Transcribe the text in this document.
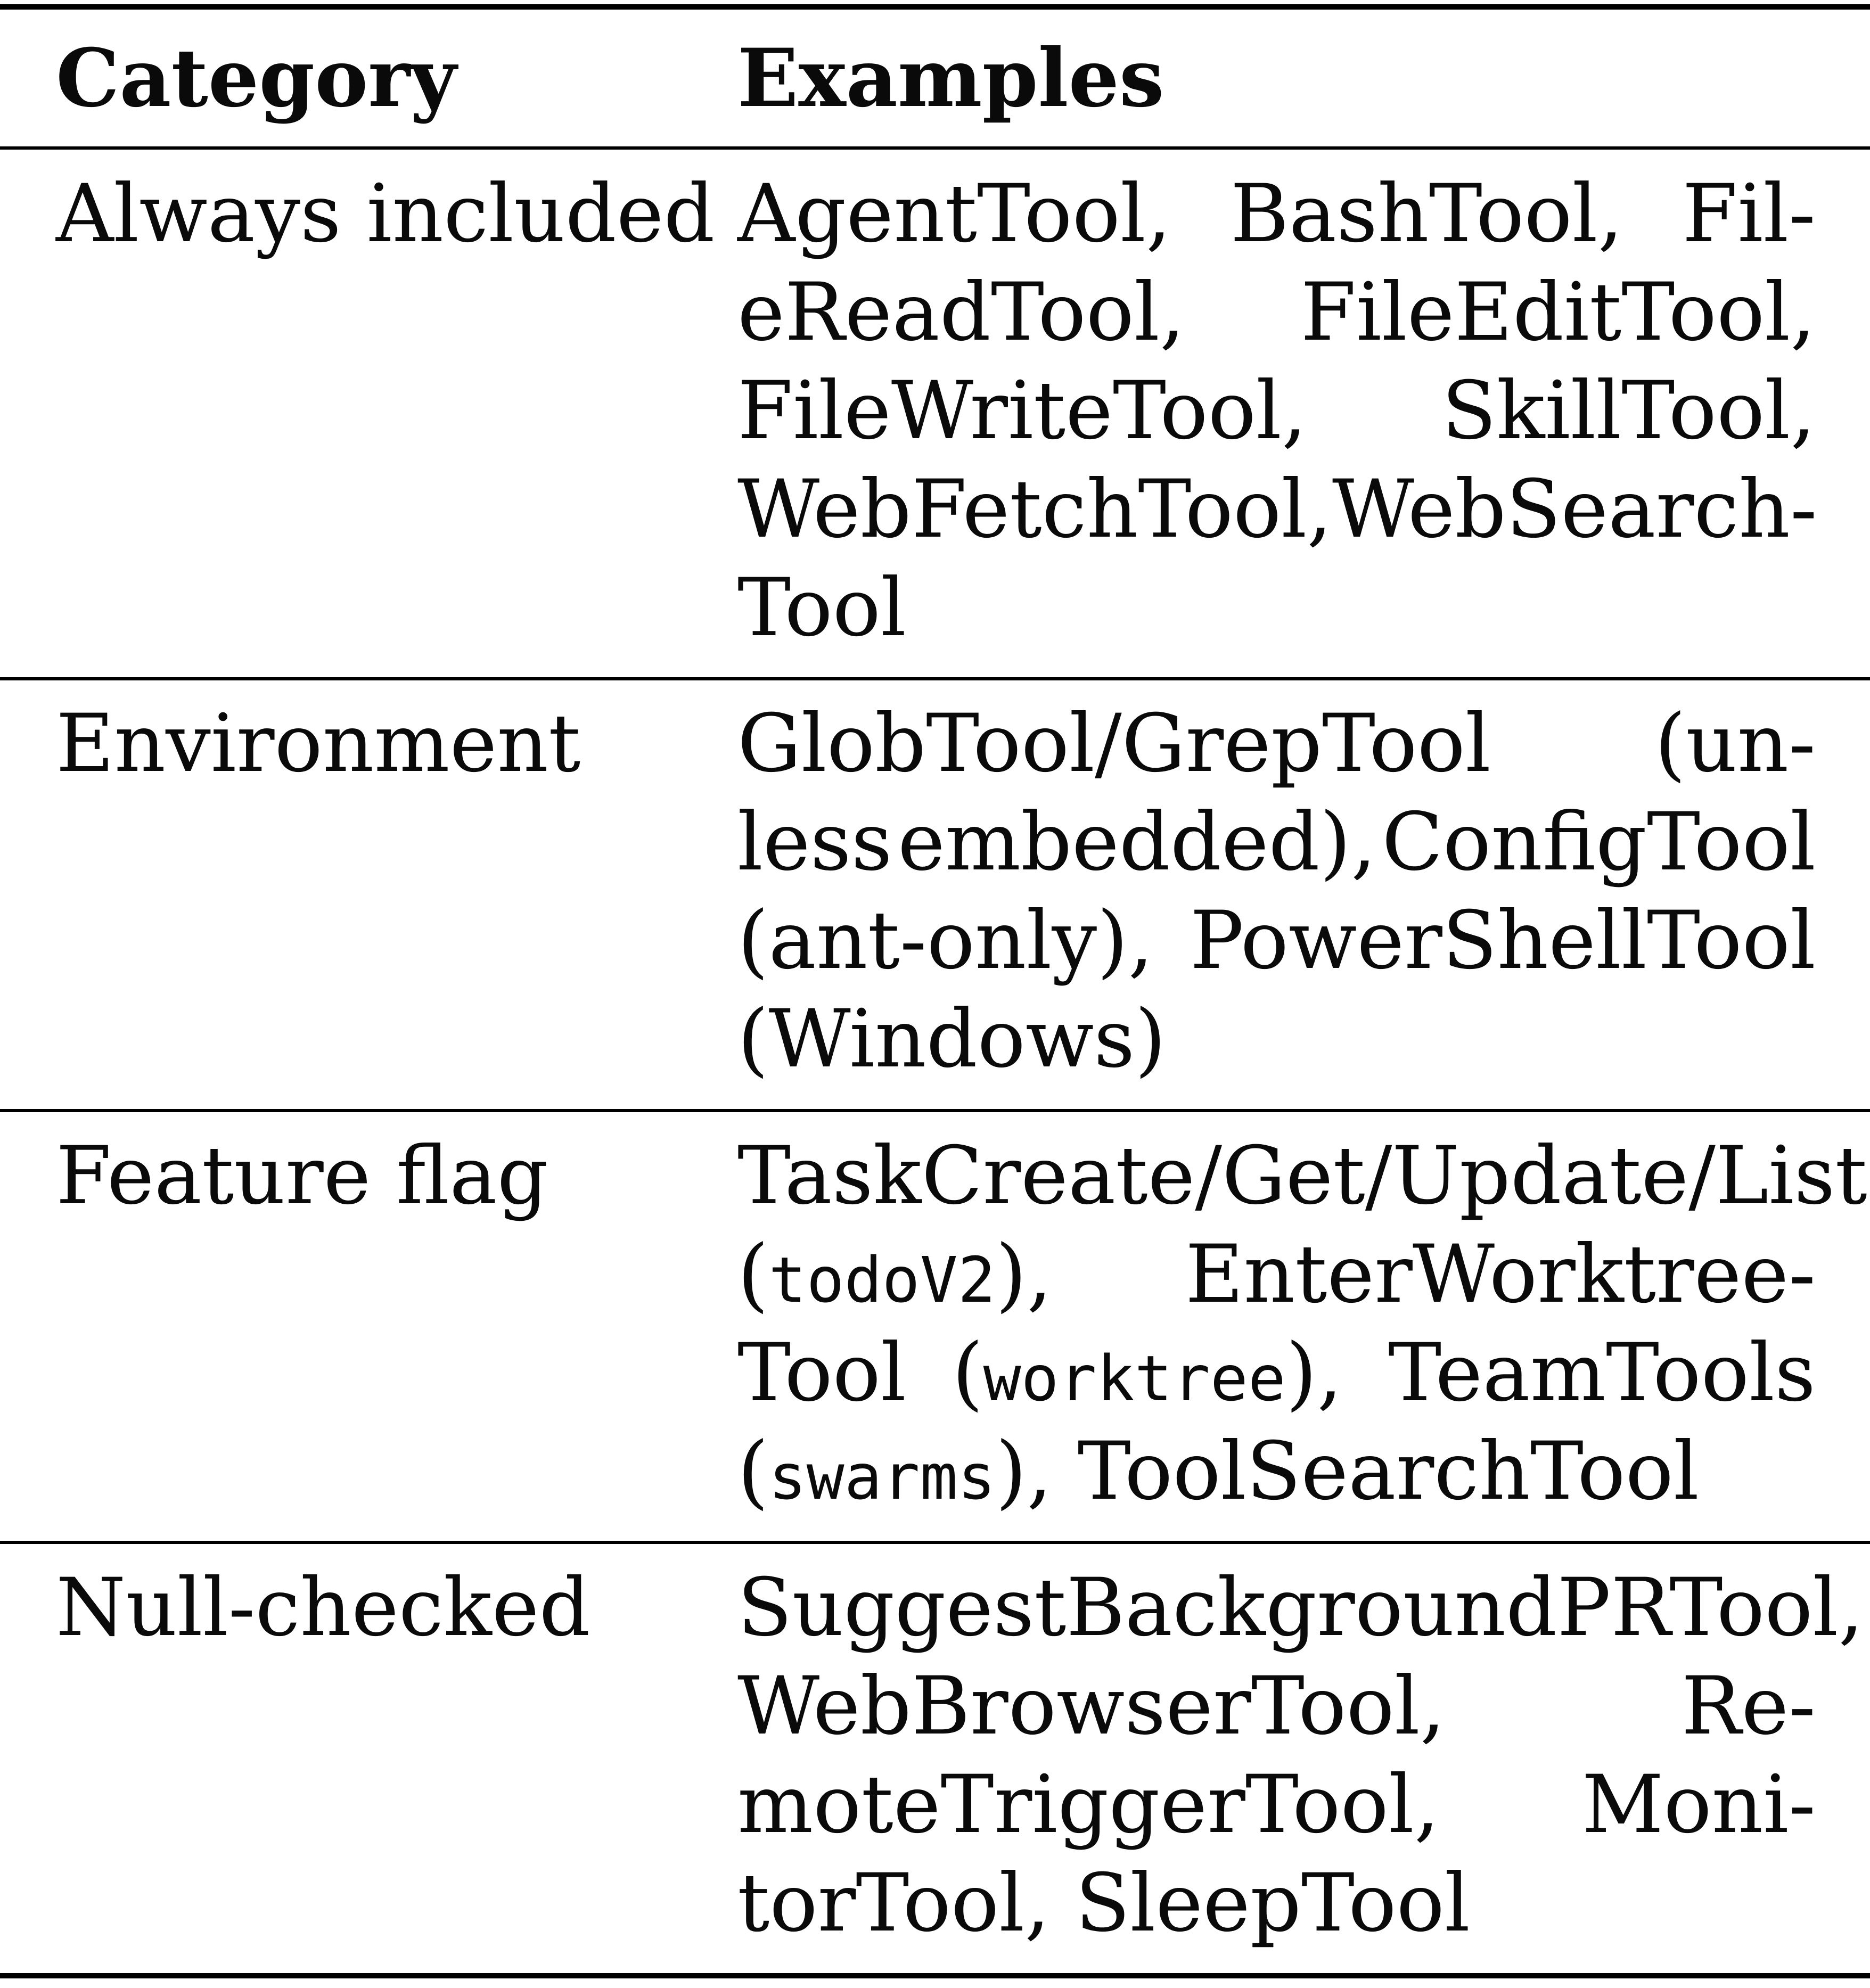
Category	Examples
Always included
Environment
Feature flag
Null-checked
AgentTool, BashTool, Fil-
eReadTool, FileEditTool,
FileWriteTool, SkillTool,
WebFetchTool, WebSearch-
Tool
GlobTool/GrepTool (un-
less embedded), ConfigTool
(ant-only), PowerShellTool
(Windows)
TaskCreate/Get/Update/List
(todoV2), EnterWorktree-
Tool (worktree), TeamTools
(swarms), ToolSearchTool
SuggestBackgroundPRTool,
WebBrowserTool,	Re-
moteTriggerTool, Moni-
torTool, SleepTool
